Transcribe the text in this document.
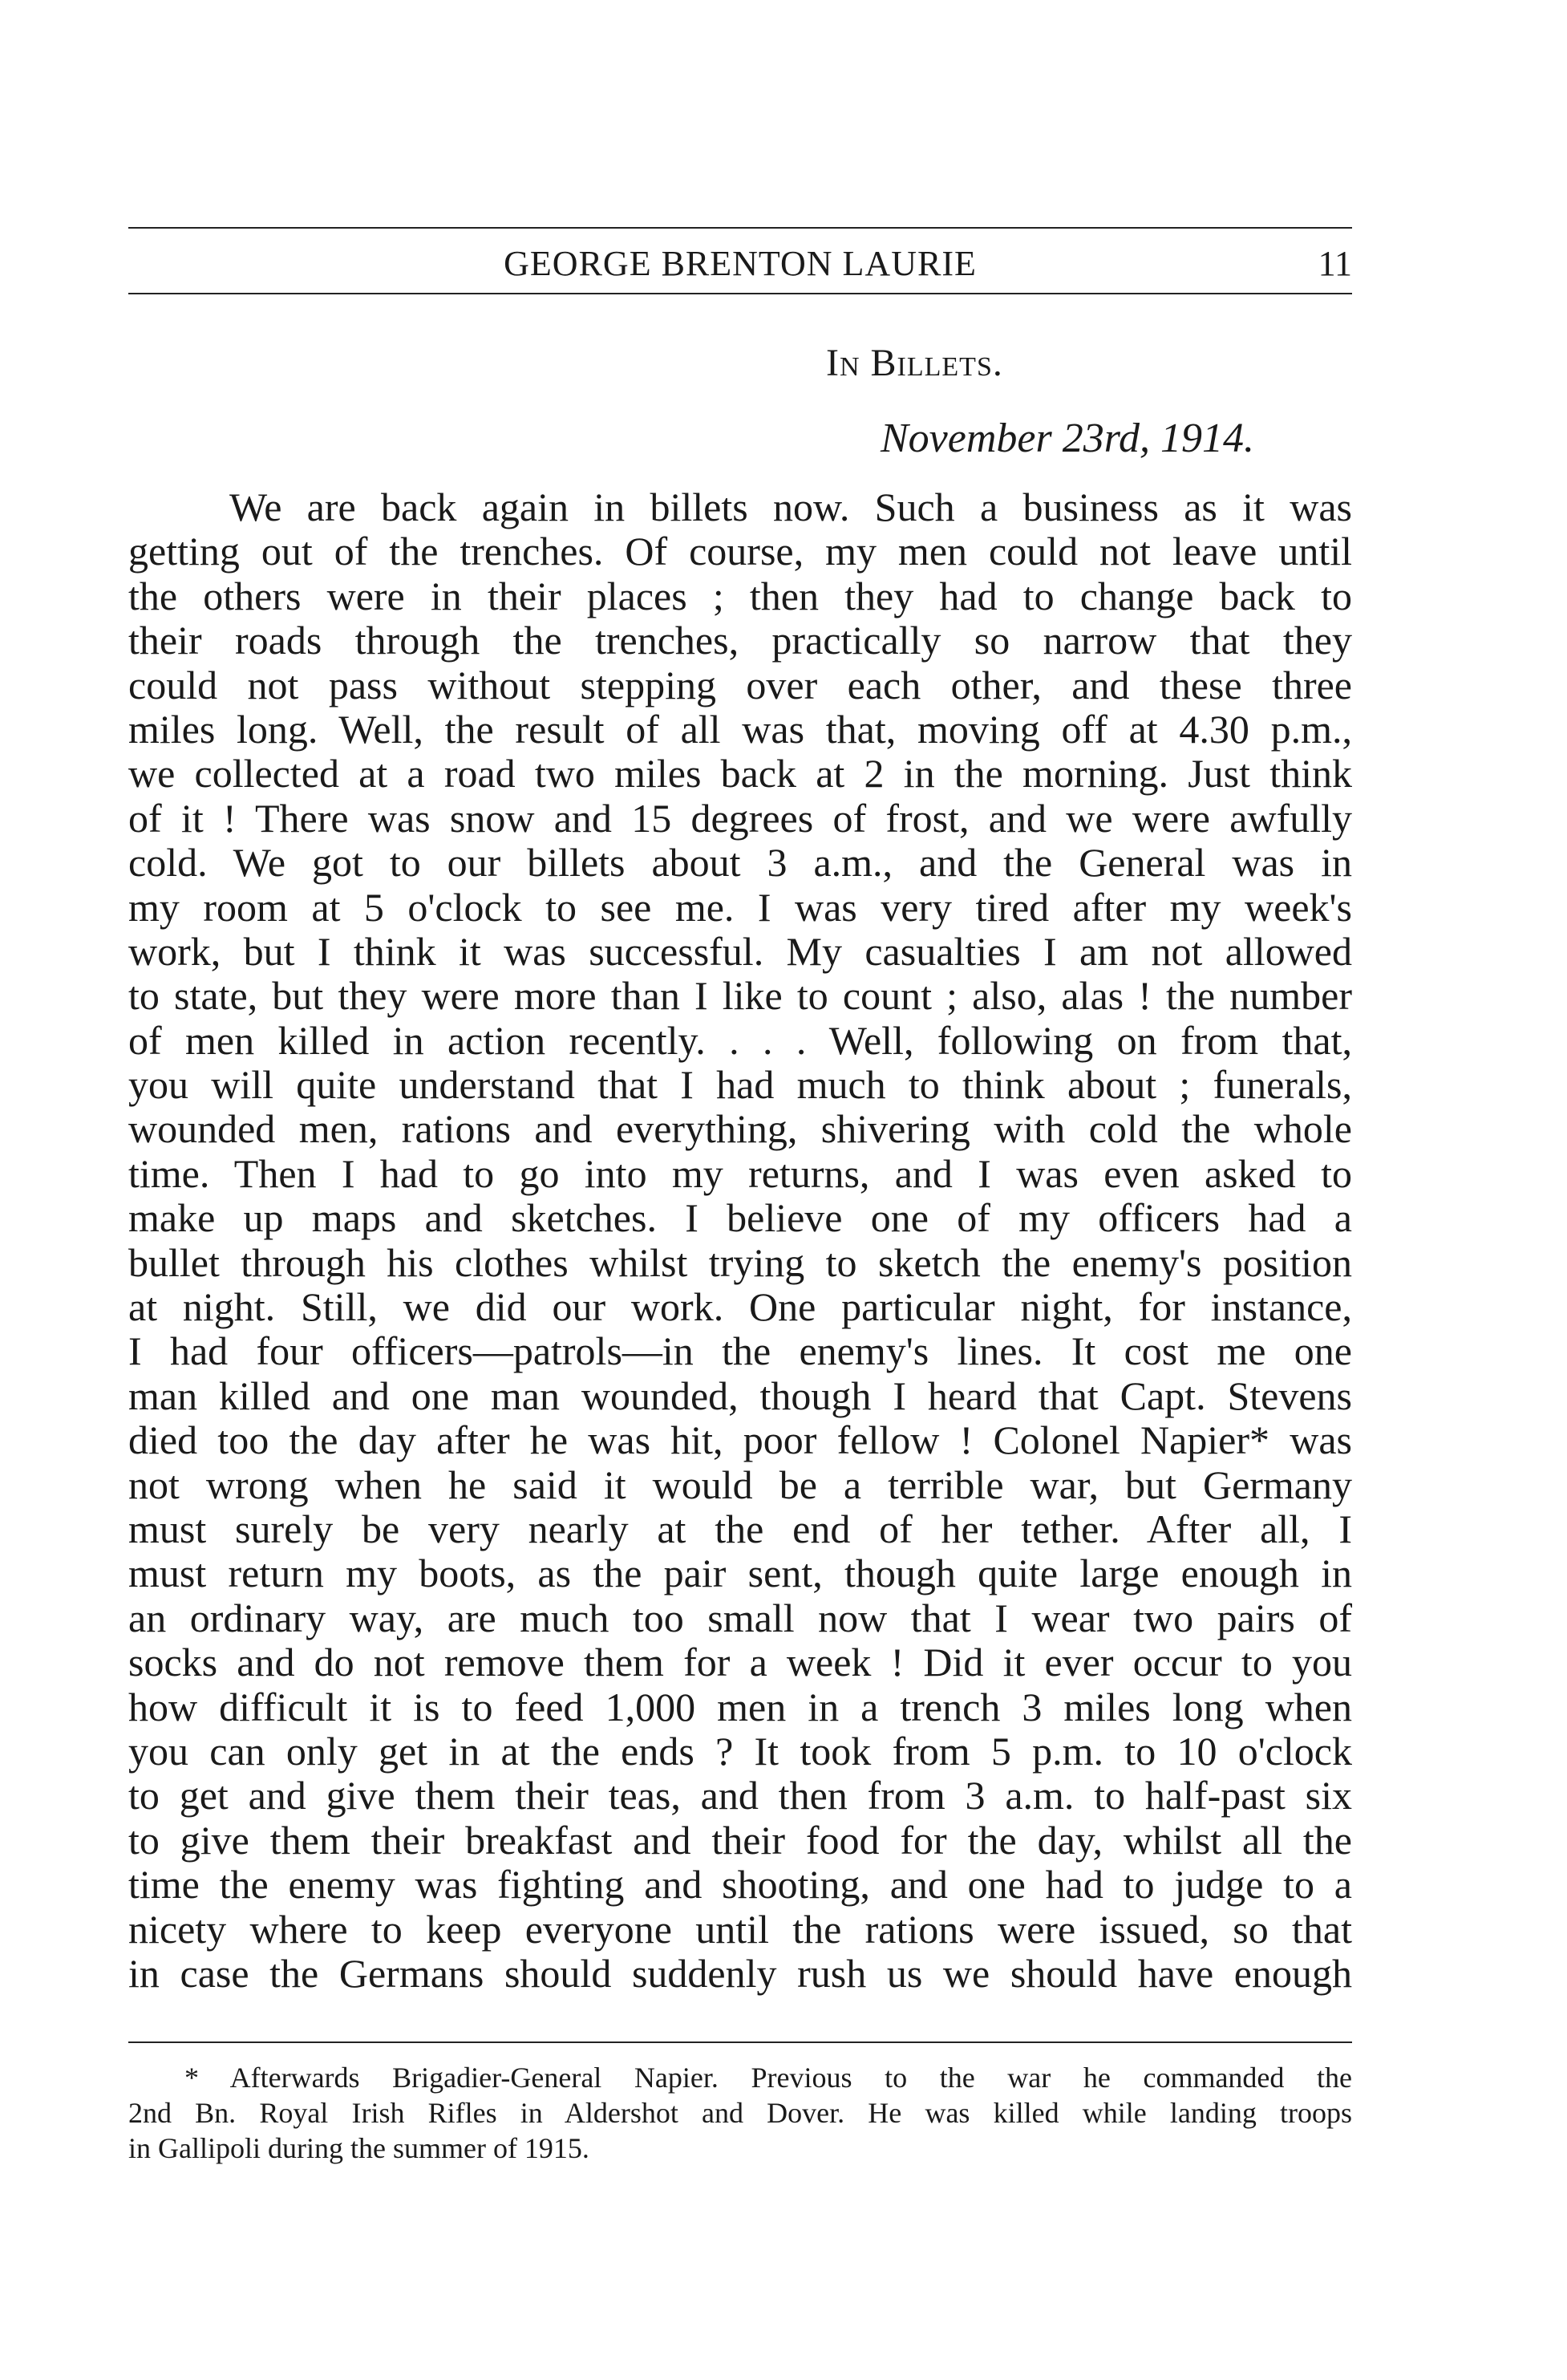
GEORGE BRENTON LAURIE	11
In Billets.
November 23rd, 1914.
We are back again in billets now. Such a business as it was
getting out of the trenches. Of course, my men could not leave until
the others were in their places ; then they had to change back to
their roads through the trenches, practically so narrow that they
could not pass without stepping over each other, and these three
miles long. Well, the result of all was that, moving off at 4.30 p.m.,
we collected at a road two miles back at 2 in the morning. Just think
of it ! There was snow and 15 degrees of frost, and we were awfully
cold. We got to our billets about 3 a.m., and the General was in
my room at 5 o'clock to see me. I was very tired after my week's
work, but I think it was successful. My casualties I am not allowed
to state, but they were more than I like to count ; also, alas ! the number
of men killed in action recently. . . . Well, following on from that,
you will quite understand that I had much to think about ; funerals,
wounded men, rations and everything, shivering with cold the whole
time. Then I had to go into my returns, and I was even asked to
make up maps and sketches. I believe one of my officers had a
bullet through his clothes whilst trying to sketch the enemy's position
at night. Still, we did our work. One particular night, for instance,
I had four officers—patrols—in the enemy's lines. It cost me one
man killed and one man wounded, though I heard that Capt. Stevens
died too the day after he was hit, poor fellow ! Colonel Napier* was
not wrong when he said it would be a terrible war, but Germany
must surely be very nearly at the end of her tether. After all, I
must return my boots, as the pair sent, though quite large enough in
an ordinary way, are much too small now that I wear two pairs of
socks and do not remove them for a week ! Did it ever occur to you
how difficult it is to feed 1,000 men in a trench 3 miles long when
you can only get in at the ends ? It took from 5 p.m. to 10 o'clock
to get and give them their teas, and then from 3 a.m. to half-past six
to give them their breakfast and their food for the day, whilst all the
time the enemy was fighting and shooting, and one had to judge to a
nicety where to keep everyone until the rations were issued, so that
in case the Germans should suddenly rush us we should have enough
* Afterwards Brigadier-General Napier. Previous to the war he commanded the
2nd Bn. Royal Irish Rifles in Aldershot and Dover. He was killed while landing troops
in Gallipoli during the summer of 1915.
